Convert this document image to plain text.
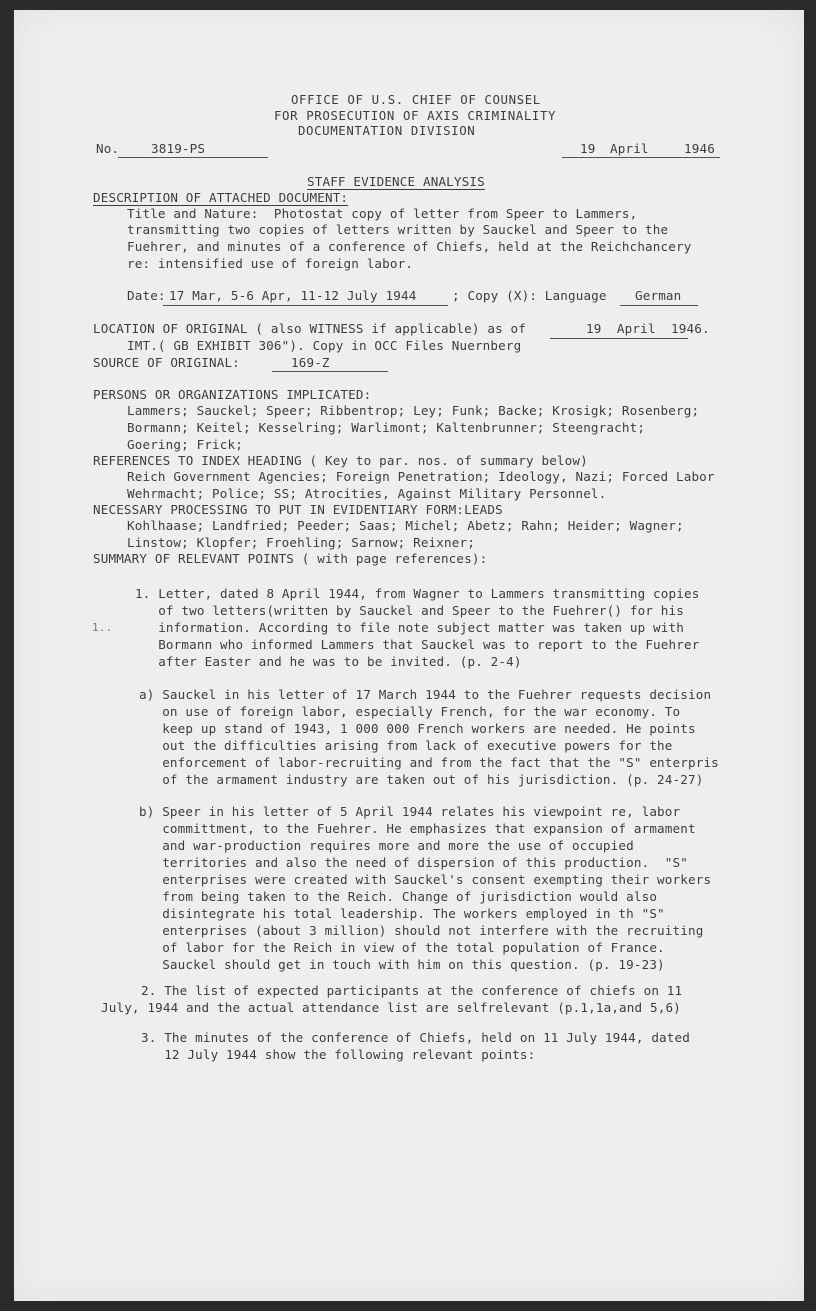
OFFICE OF U.S. CHIEF OF COUNSEL
FOR PROSECUTION OF AXIS CRIMINALITY
DOCUMENTATION DIVISION
No.	3819-PS	19 April	1946
STAFF EVIDENCE ANALYSIS
DESCRIPTION OF ATTACHED DOCUMENT:
Title and Nature:  Photostat copy of letter from Speer to Lammers,
transmitting two copies of letters written by Sauckel and Speer to the
Fuehrer, and minutes of a conference of Chiefs, held at the Reichchancery
re: intensified use of foreign labor.
Date: 17 Mar, 5-6 Apr, 11-12 July 1944	; Copy (X): Language German
LOCATION OF ORIGINAL ( also WITNESS if applicable) as of	19  April  1946.
IMT.( GB EXHIBIT 306"). Copy in OCC Files Nuernberg
SOURCE OF ORIGINAL:	169-Z
PERSONS OR ORGANIZATIONS IMPLICATED:
Lammers; Sauckel; Speer; Ribbentrop; Ley; Funk; Backe; Krosigk; Rosenberg;
Bormann; Keitel; Kesselring; Warlimont; Kaltenbrunner; Steengracht;
Goering; Frick;
REFERENCES TO INDEX HEADING ( Key to par. nos. of summary below)
Reich Government Agencies; Foreign Penetration; Ideology, Nazi; Forced Labor
Wehrmacht; Police; SS; Atrocities, Against Military Personnel.
NECESSARY PROCESSING TO PUT IN EVIDENTIARY FORM:LEADS
Kohlhaase; Landfried; Peeder; Saas; Michel; Abetz; Rahn; Heider; Wagner;
Linstow; Klopfer; Froehling; Sarnow; Reixner;
SUMMARY OF RELEVANT POINTS ( with page references):
1. Letter, dated 8 April 1944, from Wagner to Lammers transmitting copies
of two letters(written by Sauckel and Speer to the Fuehrer() for his
information. According to file note subject matter was taken up with
Bormann who informed Lammers that Sauckel was to report to the Fuehrer
after Easter and he was to be invited. (p. 2-4)
1..
a) Sauckel in his letter of 17 March 1944 to the Fuehrer requests decision
on use of foreign labor, especially French, for the war economy. To
keep up stand of 1943, 1 000 000 French workers are needed. He points
out the difficulties arising from lack of executive powers for the
enforcement of labor-recruiting and from the fact that the "S" enterpris
of the armament industry are taken out of his jurisdiction. (p. 24-27)
b) Speer in his letter of 5 April 1944 relates his viewpoint re, labor
committment, to the Fuehrer. He emphasizes that expansion of armament
and war-production requires more and more the use of occupied
territories and also the need of dispersion of this production.  "S"
enterprises were created with Sauckel's consent exempting their workers
from being taken to the Reich. Change of jurisdiction would also
disintegrate his total leadership. The workers employed in th "S"
enterprises (about 3 million) should not interfere with the recruiting
of labor for the Reich in view of the total population of France.
Sauckel should get in touch with him on this question. (p. 19-23)
2. The list of expected participants at the conference of chiefs on 11
July, 1944 and the actual attendance list are selfrelevant (p.1,1a,and 5,6)
3. The minutes of the conference of Chiefs, held on 11 July 1944, dated
12 July 1944 show the following relevant points:
